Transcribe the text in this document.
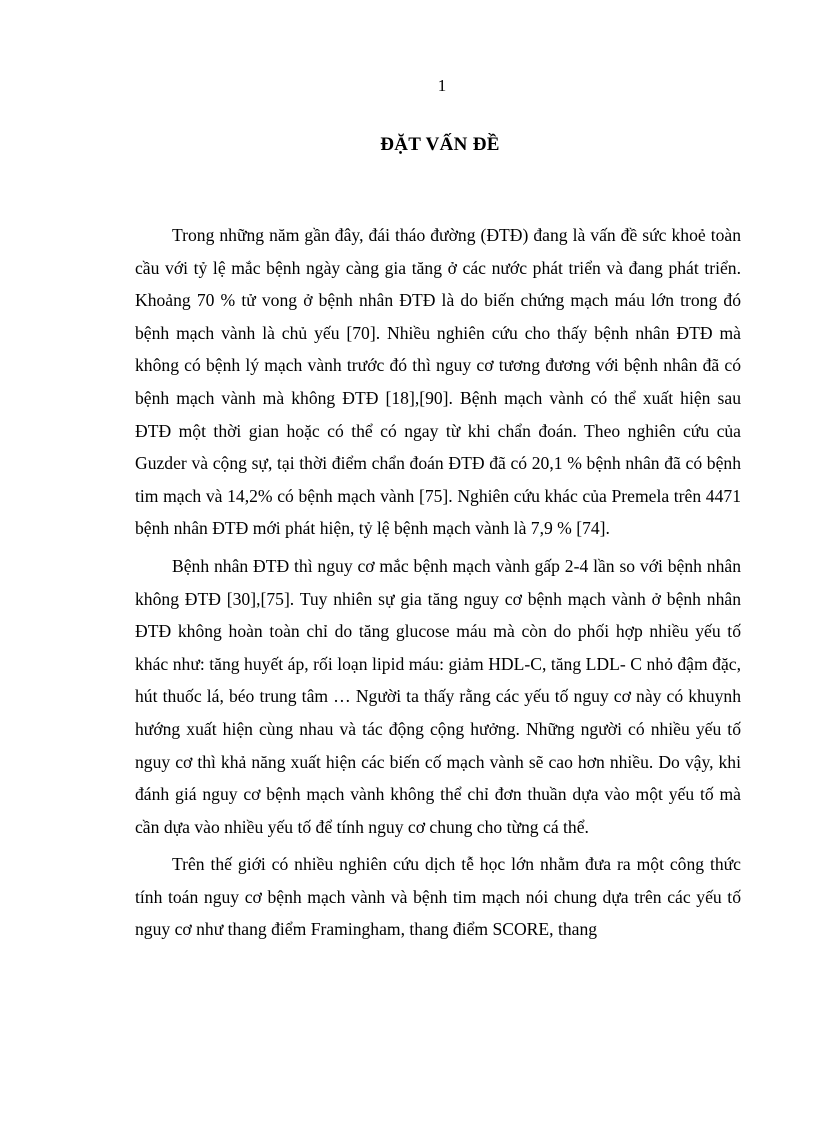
1
ĐẶT VẤN ĐỀ

Trong những năm gần đây, đái tháo đường (ĐTĐ) đang là vấn đề sức khoẻ toàn cầu với tỷ lệ mắc bệnh ngày càng gia tăng ở các nước phát triển và đang phát triển. Khoảng 70 % tử vong ở bệnh nhân ĐTĐ là do biến chứng mạch máu lớn trong đó bệnh mạch vành là chủ yếu [70]. Nhiều nghiên cứu cho thấy bệnh nhân ĐTĐ mà không có bệnh lý mạch vành trước đó thì nguy cơ tương đương với bệnh nhân đã có bệnh mạch vành mà không ĐTĐ [18],[90]. Bệnh mạch vành có thể xuất hiện sau ĐTĐ một thời gian hoặc có thể có ngay từ khi chẩn đoán. Theo nghiên cứu của Guzder và cộng sự, tại thời điểm chẩn đoán ĐTĐ đã có 20,1 % bệnh nhân đã có bệnh tim mạch và 14,2% có bệnh mạch vành [75]. Nghiên cứu khác của Premela trên 4471 bệnh nhân ĐTĐ mới phát hiện, tỷ lệ bệnh mạch vành là 7,9 % [74].

Bệnh nhân ĐTĐ thì nguy cơ mắc bệnh mạch vành gấp 2-4 lần so với bệnh nhân không ĐTĐ [30],[75]. Tuy nhiên sự gia tăng nguy cơ bệnh mạch vành ở bệnh nhân ĐTĐ không hoàn toàn chỉ do tăng glucose máu mà còn do phối hợp nhiều yếu tố khác như: tăng huyết áp, rối loạn lipid máu: giảm HDL-C, tăng LDL- C nhỏ đậm đặc, hút thuốc lá, béo trung tâm … Người ta thấy rằng các yếu tố nguy cơ này có khuynh hướng xuất hiện cùng nhau và tác động cộng hưởng. Những người có nhiều yếu tố nguy cơ thì khả năng xuất hiện các biến cố mạch vành sẽ cao hơn nhiều. Do vậy, khi đánh giá nguy cơ bệnh mạch vành không thể chỉ đơn thuần dựa vào một yếu tố mà cần dựa vào nhiều yếu tố để tính nguy cơ chung cho từng cá thể.

Trên thế giới có nhiều nghiên cứu dịch tễ học lớn nhằm đưa ra một công thức tính toán nguy cơ bệnh mạch vành và bệnh tim mạch nói chung dựa trên các yếu tố nguy cơ như thang điểm Framingham, thang điểm SCORE, thang
